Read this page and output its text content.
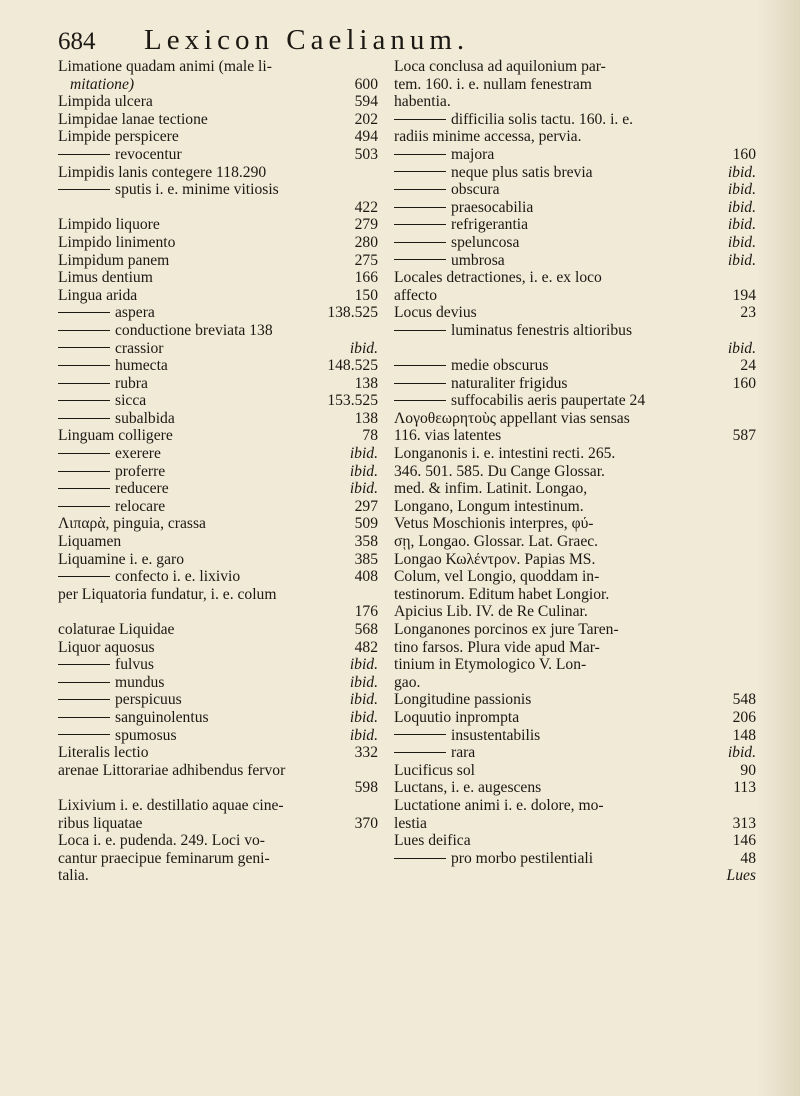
684 Lexicon Caelianum.
Limatione quadam animi (male li-
mitatione)	600
Limpida ulcera	594
Limpidae lanae tectione	202
Limpide perspicere	494
revocentur	503
Limpidis lanis contegere 118.290
sputis i. e. minime vitiosis
422
Limpido liquore	279
Limpido linimento	280
Limpidum panem	275
Limus dentium	166
Lingua arida	150
aspera	138.525
conductione breviata 138
crassior	ibid.
humecta	148.525
rubra	138
sicca	153.525
subalbida	138
Linguam colligere	78
exerere	ibid.
proferre	ibid.
reducere	ibid.
relocare	297
Λιπαρὰ, pinguia, crassa	509
Liquamen	358
Liquamine i. e. garo	385
confecto i. e. lixivio	408
per Liquatoria fundatur, i. e. colum
176
colaturae Liquidae	568
Liquor aquosus	482
fulvus	ibid.
mundus	ibid.
perspicuus	ibid.
sanguinolentus	ibid.
spumosus	ibid.
Literalis lectio	332
arenae Littorariae adhibendus fervor
598
Lixivium i. e. destillatio aquae cine-
ribus liquatae	370
Loca i. e. pudenda. 249. Loci vo-
cantur praecipue feminarum geni-
talia.
Loca conclusa ad aquilonium par-
tem. 160. i. e. nullam fenestram
habentia.
difficilia solis tactu. 160. i. e.
radiis minime accessa, pervia.
majora	160
neque plus satis brevia	ibid.
obscura	ibid.
praesocabilia	ibid.
refrigerantia	ibid.
speluncosa	ibid.
umbrosa	ibid.
Locales detractiones, i. e. ex loco
affecto	194
Locus devius	23
luminatus fenestris altioribus
ibid.
medie obscurus	24
naturaliter frigidus	160
suffocabilis aeris paupertate 24
Λογοθεωρητοὺς appellant vias sensas
116. vias latentes	587
Longanonis i. e. intestini recti. 265.
346. 501. 585. Du Cange Glossar.
med. & infim. Latinit. Longao,
Longano, Longum intestinum.
Vetus Moschionis interpres, φύ-
σῃ, Longao. Glossar. Lat. Graec.
Longao Κωλέντρον. Papias MS.
Colum, vel Longio, quoddam in-
testinorum. Editum habet Longior.
Apicius Lib. IV. de Re Culinar.
Longanones porcinos ex jure Taren-
tino farsos. Plura vide apud Mar-
tinium in Etymologico V. Lon-
gao.
Longitudine passionis	548
Loquutio inprompta	206
insustentabilis	148
rara	ibid.
Lucificus sol	90
Luctans, i. e. augescens	113
Luctatione animi i. e. dolore, mo-
lestia	313
Lues deifica	146
pro morbo pestilentiali	48
Lues
